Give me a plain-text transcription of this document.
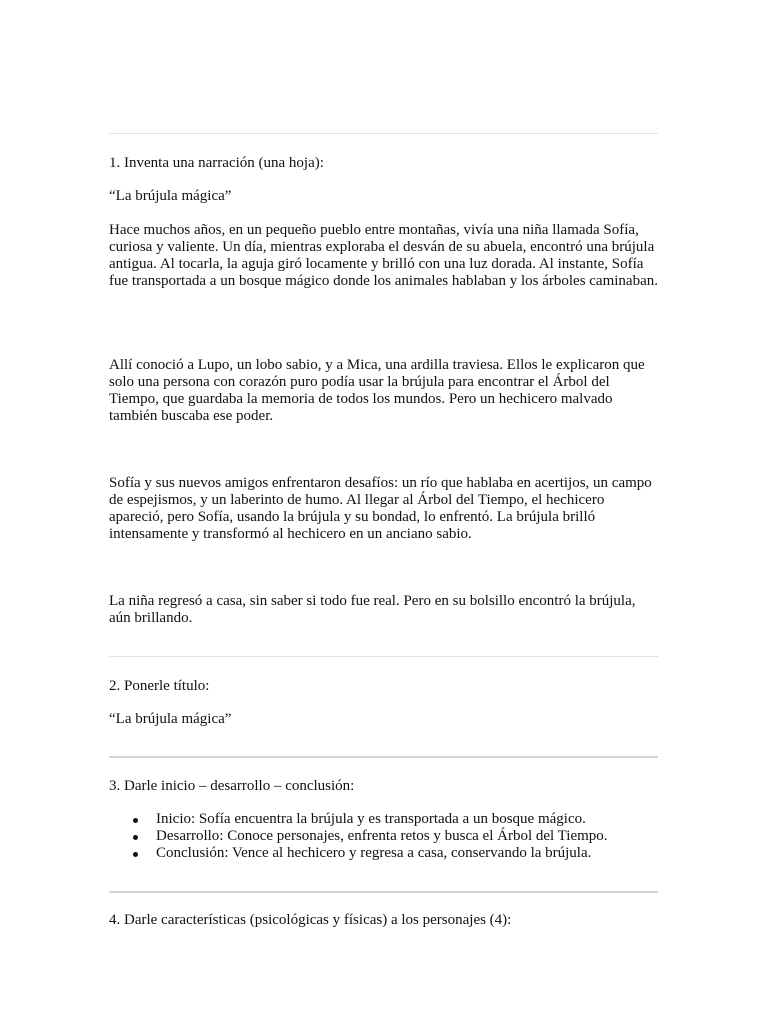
1. Inventa una narración (una hoja):

“La brújula mágica”

Hace muchos años, en un pequeño pueblo entre montañas, vivía una niña llamada Sofía, curiosa y valiente. Un día, mientras exploraba el desván de su abuela, encontró una brújula antigua. Al tocarla, la aguja giró locamente y brilló con una luz dorada. Al instante, Sofía fue transportada a un bosque mágico donde los animales hablaban y los árboles caminaban.

Allí conoció a Lupo, un lobo sabio, y a Mica, una ardilla traviesa. Ellos le explicaron que solo una persona con corazón puro podía usar la brújula para encontrar el Árbol del Tiempo, que guardaba la memoria de todos los mundos. Pero un hechicero malvado también buscaba ese poder.

Sofía y sus nuevos amigos enfrentaron desafíos: un río que hablaba en acertijos, un campo de espejismos, y un laberinto de humo. Al llegar al Árbol del Tiempo, el hechicero apareció, pero Sofía, usando la brújula y su bondad, lo enfrentó. La brújula brilló intensamente y transformó al hechicero en un anciano sabio.

La niña regresó a casa, sin saber si todo fue real. Pero en su bolsillo encontró la brújula, aún brillando.

2. Ponerle título:

“La brújula mágica”

3. Darle inicio – desarrollo – conclusión:

Inicio: Sofía encuentra la brújula y es transportada a un bosque mágico.
Desarrollo: Conoce personajes, enfrenta retos y busca el Árbol del Tiempo.
Conclusión: Vence al hechicero y regresa a casa, conservando la brújula.

4. Darle características (psicológicas y físicas) a los personajes (4):
